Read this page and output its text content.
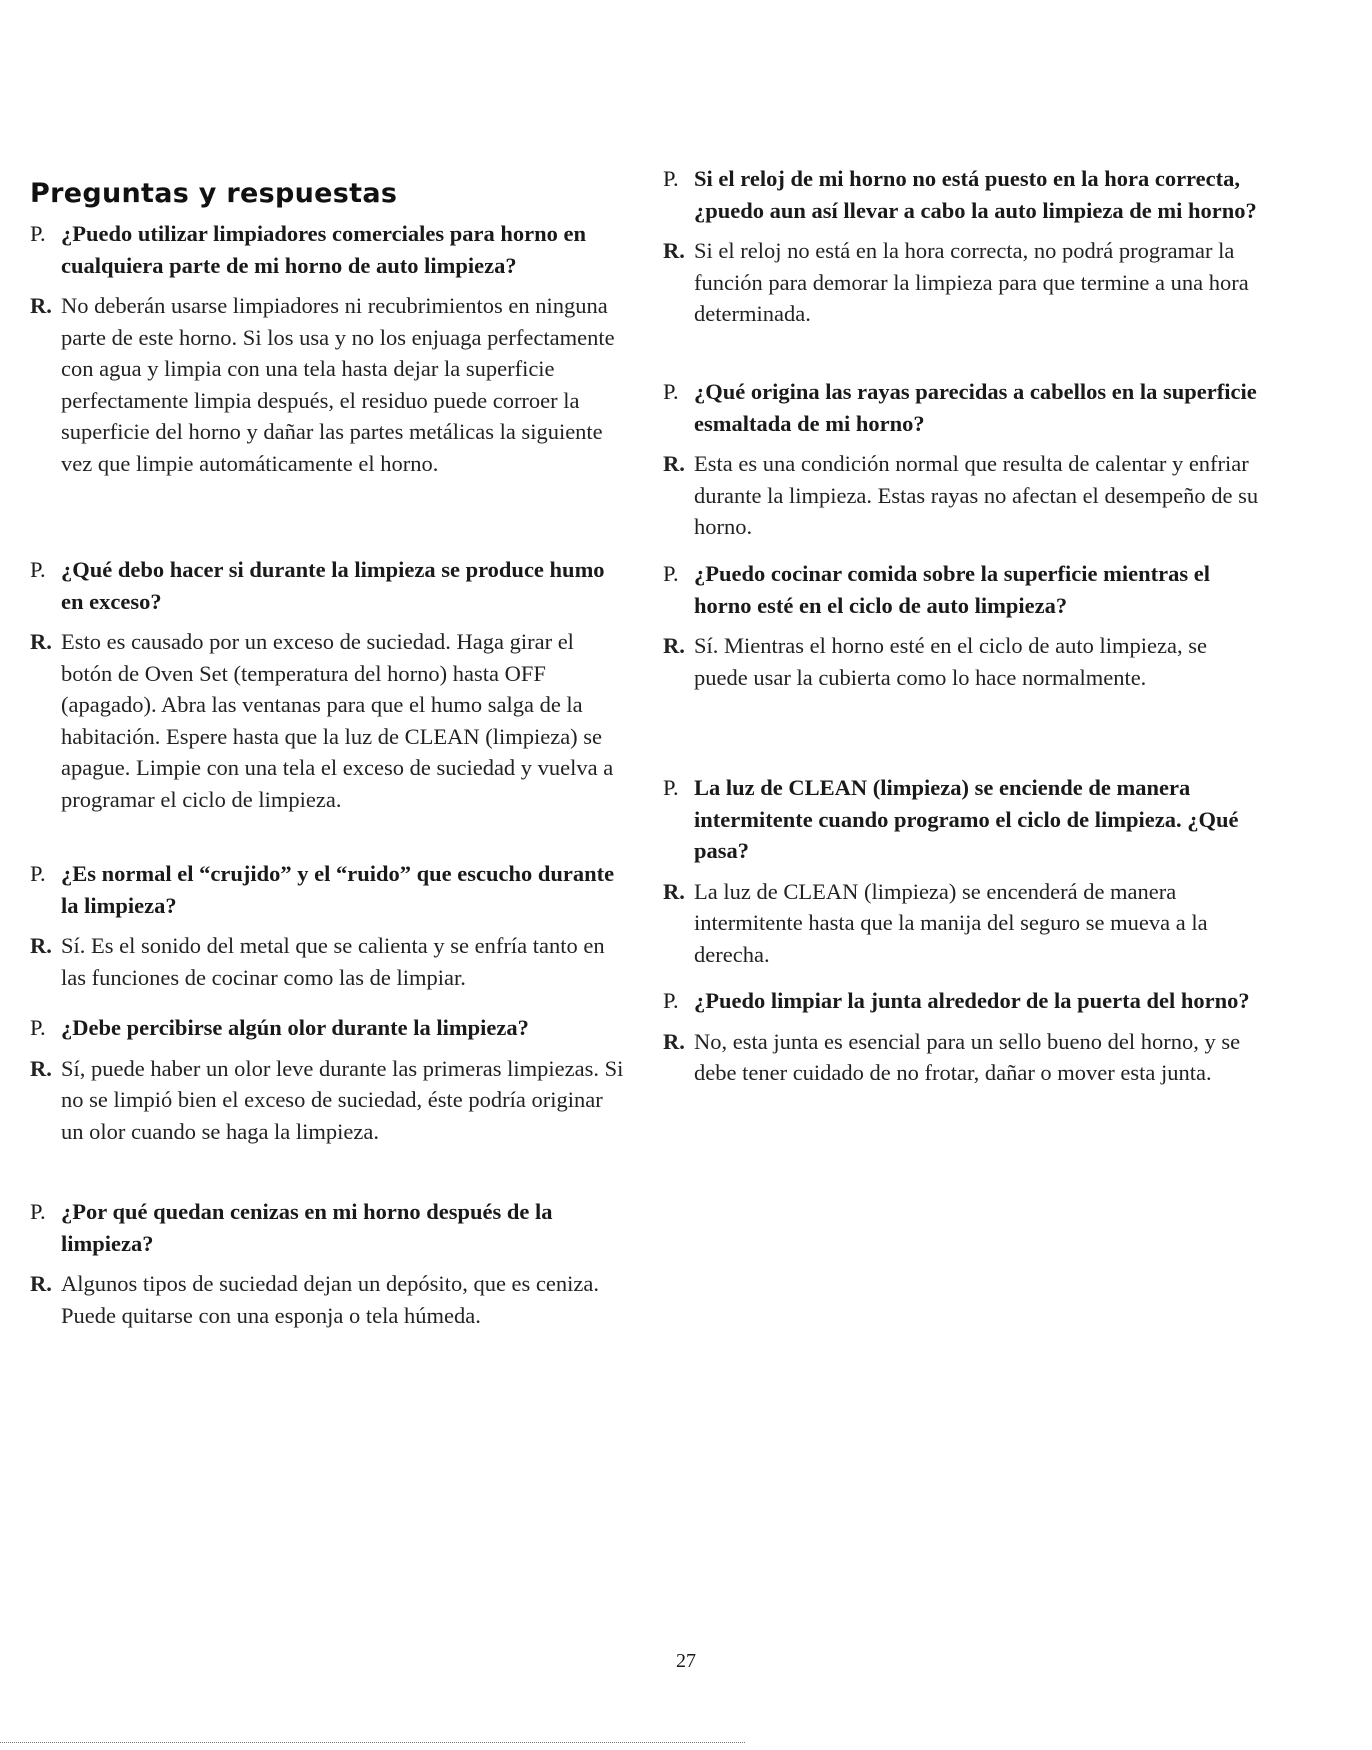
Preguntas y respuestas
P. ¿Puedo utilizar limpiadores comerciales para horno en cualquiera parte de mi horno de auto limpieza?
R. No deberán usarse limpiadores ni recubrimientos en ninguna parte de este horno. Si los usa y no los enjuaga perfectamente con agua y limpia con una tela hasta dejar la superficie perfectamente limpia después, el residuo puede corroer la superficie del horno y dañar las partes metálicas la siguiente vez que limpie automáticamente el horno.
P. ¿Qué debo hacer si durante la limpieza se produce humo en exceso?
R. Esto es causado por un exceso de suciedad. Haga girar el botón de Oven Set (temperatura del horno) hasta OFF (apagado). Abra las ventanas para que el humo salga de la habitación. Espere hasta que la luz de CLEAN (limpieza) se apague. Limpie con una tela el exceso de suciedad y vuelva a programar el ciclo de limpieza.
P. ¿Es normal el “crujido” y el “ruido” que escucho durante la limpieza?
R. Sí. Es el sonido del metal que se calienta y se enfría tanto en las funciones de cocinar como las de limpiar.
P. ¿Debe percibirse algún olor durante la limpieza?
R. Sí, puede haber un olor leve durante las primeras limpiezas. Si no se limpió bien el exceso de suciedad, éste podría originar un olor cuando se haga la limpieza.
P. ¿Por qué quedan cenizas en mi horno después de la limpieza?
R. Algunos tipos de suciedad dejan un depósito, que es ceniza. Puede quitarse con una esponja o tela húmeda.
P. Si el reloj de mi horno no está puesto en la hora correcta, ¿puedo aun así llevar a cabo la auto limpieza de mi horno?
R. Si el reloj no está en la hora correcta, no podrá programar la función para demorar la limpieza para que termine a una hora determinada.
P. ¿Qué origina las rayas parecidas a cabellos en la superficie esmaltada de mi horno?
R. Esta es una condición normal que resulta de calentar y enfriar durante la limpieza. Estas rayas no afectan el desempeño de su horno.
P. ¿Puedo cocinar comida sobre la superficie mientras el horno esté en el ciclo de auto limpieza?
R. Sí. Mientras el horno esté en el ciclo de auto limpieza, se puede usar la cubierta como lo hace normalmente.
P. La luz de CLEAN (limpieza) se enciende de manera intermitente cuando programo el ciclo de limpieza. ¿Qué pasa?
R. La luz de CLEAN (limpieza) se encenderá de manera intermitente hasta que la manija del seguro se mueva a la derecha.
P. ¿Puedo limpiar la junta alrededor de la puerta del horno?
R. No, esta junta es esencial para un sello bueno del horno, y se debe tener cuidado de no frotar, dañar o mover esta junta.
27
